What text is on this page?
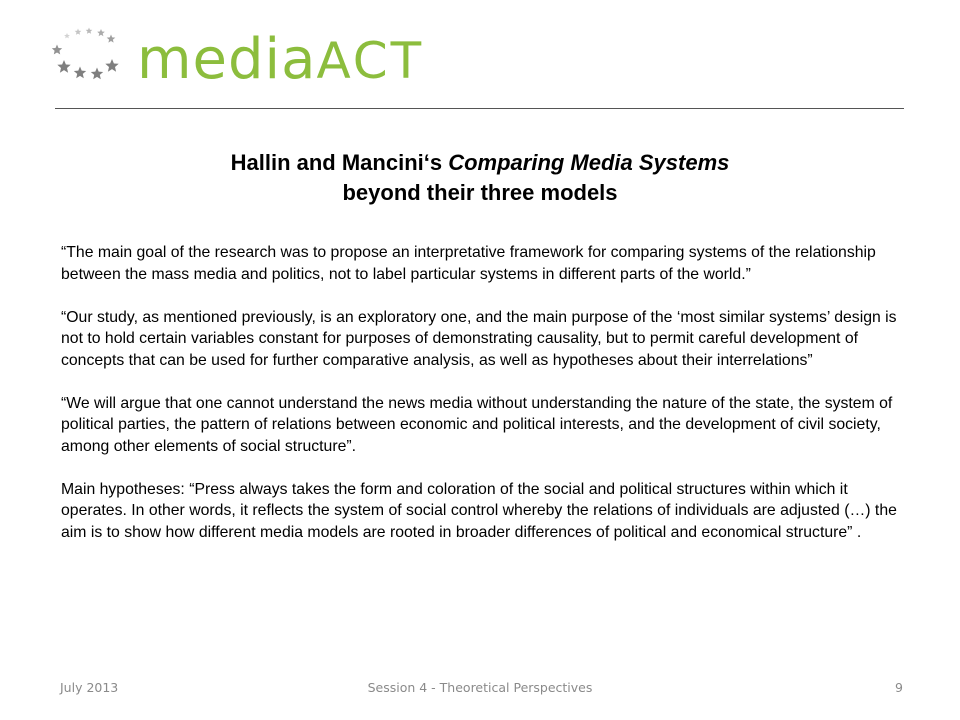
mediaACT
Hallin and Mancini‘s Comparing Media Systems
beyond their three models

“The main goal of the research was to propose an interpretative framework for comparing systems of the relationship between the mass media and politics, not to label particular systems in different parts of the world.”

“Our study, as mentioned previously, is an exploratory one, and the main purpose of the ‘most similar systems’ design is not to hold certain variables constant for purposes of demonstrating causality, but to permit careful development of concepts that can be used for further comparative analysis, as well as hypotheses about their interrelations”

“We will argue that one cannot understand the news media without understanding the nature of the state, the system of political parties, the pattern of relations between economic and political interests, and the development of civil society, among other elements of social structure”.

Main hypotheses: “Press always takes the form and coloration of the social and political structures within which it operates. In other words, it reflects the system of social control whereby the relations of individuals are adjusted (…) the aim is to show how different media models are rooted in broader differences of political and economical structure” .

July 2013	Session 4 - Theoretical Perspectives	9
